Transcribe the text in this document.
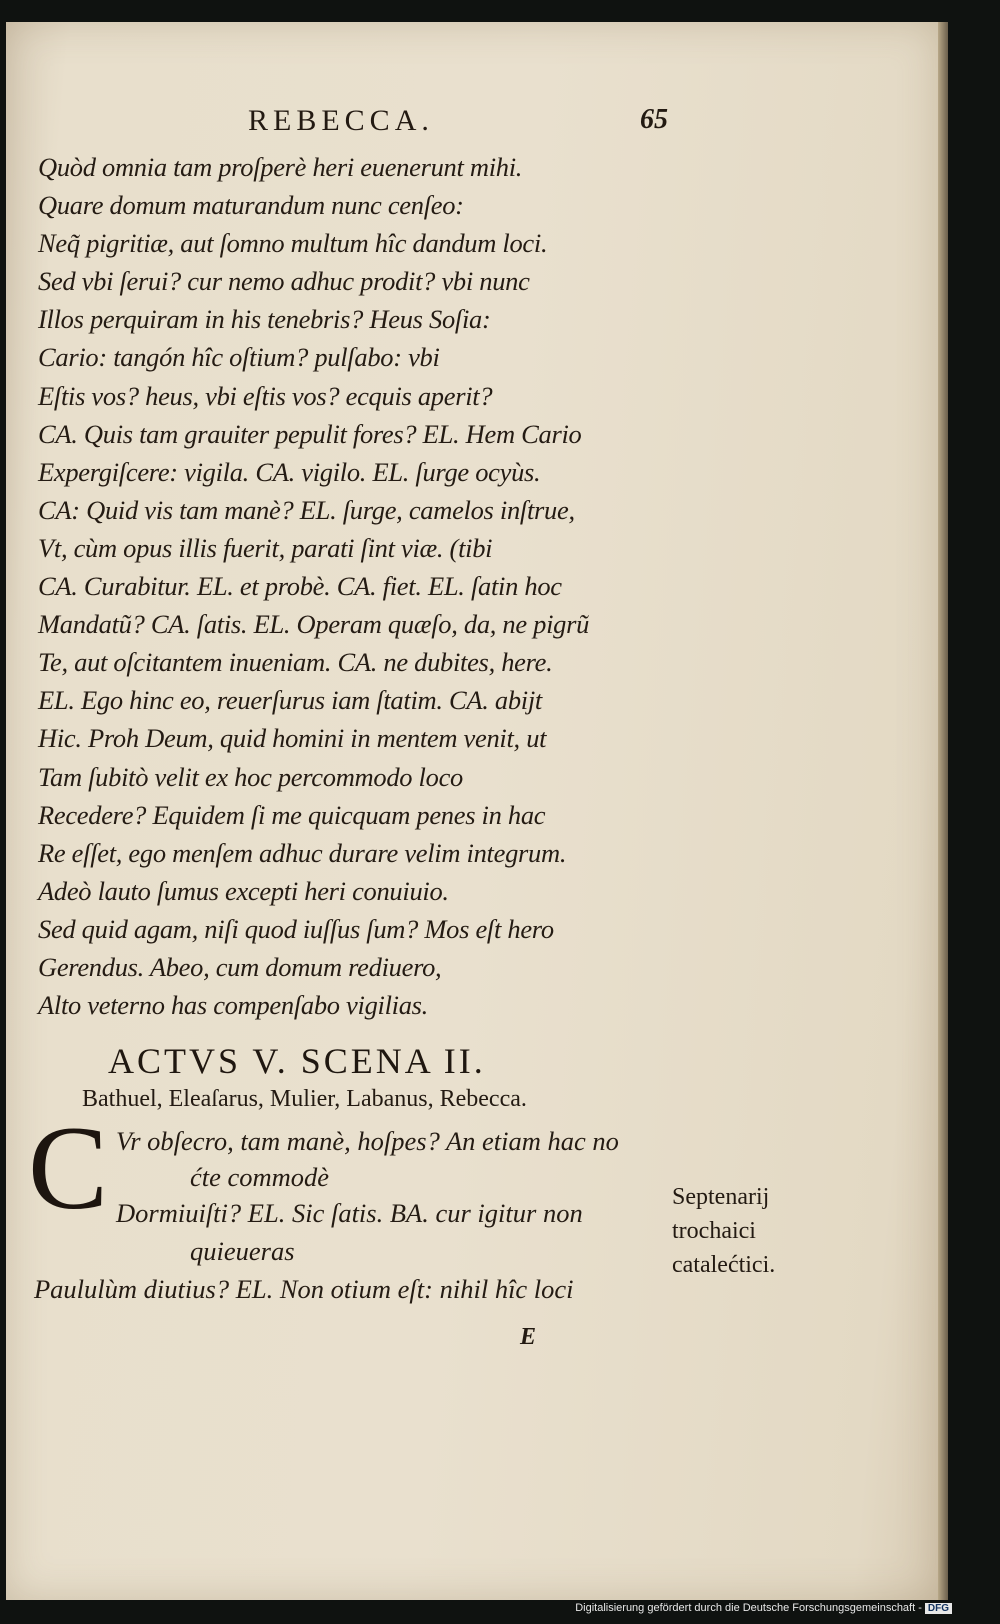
REBECCA.	65
Quòd omnia tam proſperè heri euenerunt mihi.
Quare domum maturandum nunc cenſeo:
Neq̃ pigritiæ, aut ſomno multum hîc dandum loci.
Sed vbi ſerui? cur nemo adhuc prodit? vbi nunc
Illos perquiram in his tenebris? Heus Soſia:
Cario: tangón hîc oſtium? pulſabo: vbi
Eſtis vos? heus, vbi eſtis vos? ecquis aperit?
CA. Quis tam grauiter pepulit fores? EL. Hem Cario
Expergiſcere: vigila. CA. vigilo. EL. ſurge ocyùs.
CA: Quid vis tam manè? EL. ſurge, camelos inſtrue,
Vt, cùm opus illis fuerit, parati ſint viæ. (tibi
CA. Curabitur. EL. et probè. CA. fiet. EL. ſatin hoc
Mandatũ? CA. ſatis. EL. Operam quæſo, da, ne pigrũ
Te, aut oſcitantem inueniam. CA. ne dubites, here.
EL. Ego hinc eo, reuerſurus iam ſtatim. CA. abijt
Hic. Proh Deum, quid homini in mentem venit, ut
Tam ſubitò velit ex hoc percommodo loco
Recedere? Equidem ſi me quicquam penes in hac
Re eſſet, ego menſem adhuc durare velim integrum.
Adeò lauto ſumus excepti heri conuiuio.
Sed quid agam, niſi quod iuſſus ſum? Mos eſt hero
Gerendus. Abeo, cum domum rediuero,
Alto veterno has compenſabo vigilias.
ACTVS V. SCENA II.
Bathuel, Eleaſarus, Mulier, Labanus, Rebecca.
C Vr obſecro, tam manè, hoſpes? An etiam hac no
ćte commodè
Dormiuiſti? EL. Sic ſatis. BA. cur igitur non
quieueras
Paululùm diutius? EL. Non otium eſt: nihil hîc loci
Septenarij
trochaici
catalećtici.
E
Digitalisierung gefördert durch die Deutsche Forschungsgemeinschaft - DFG
